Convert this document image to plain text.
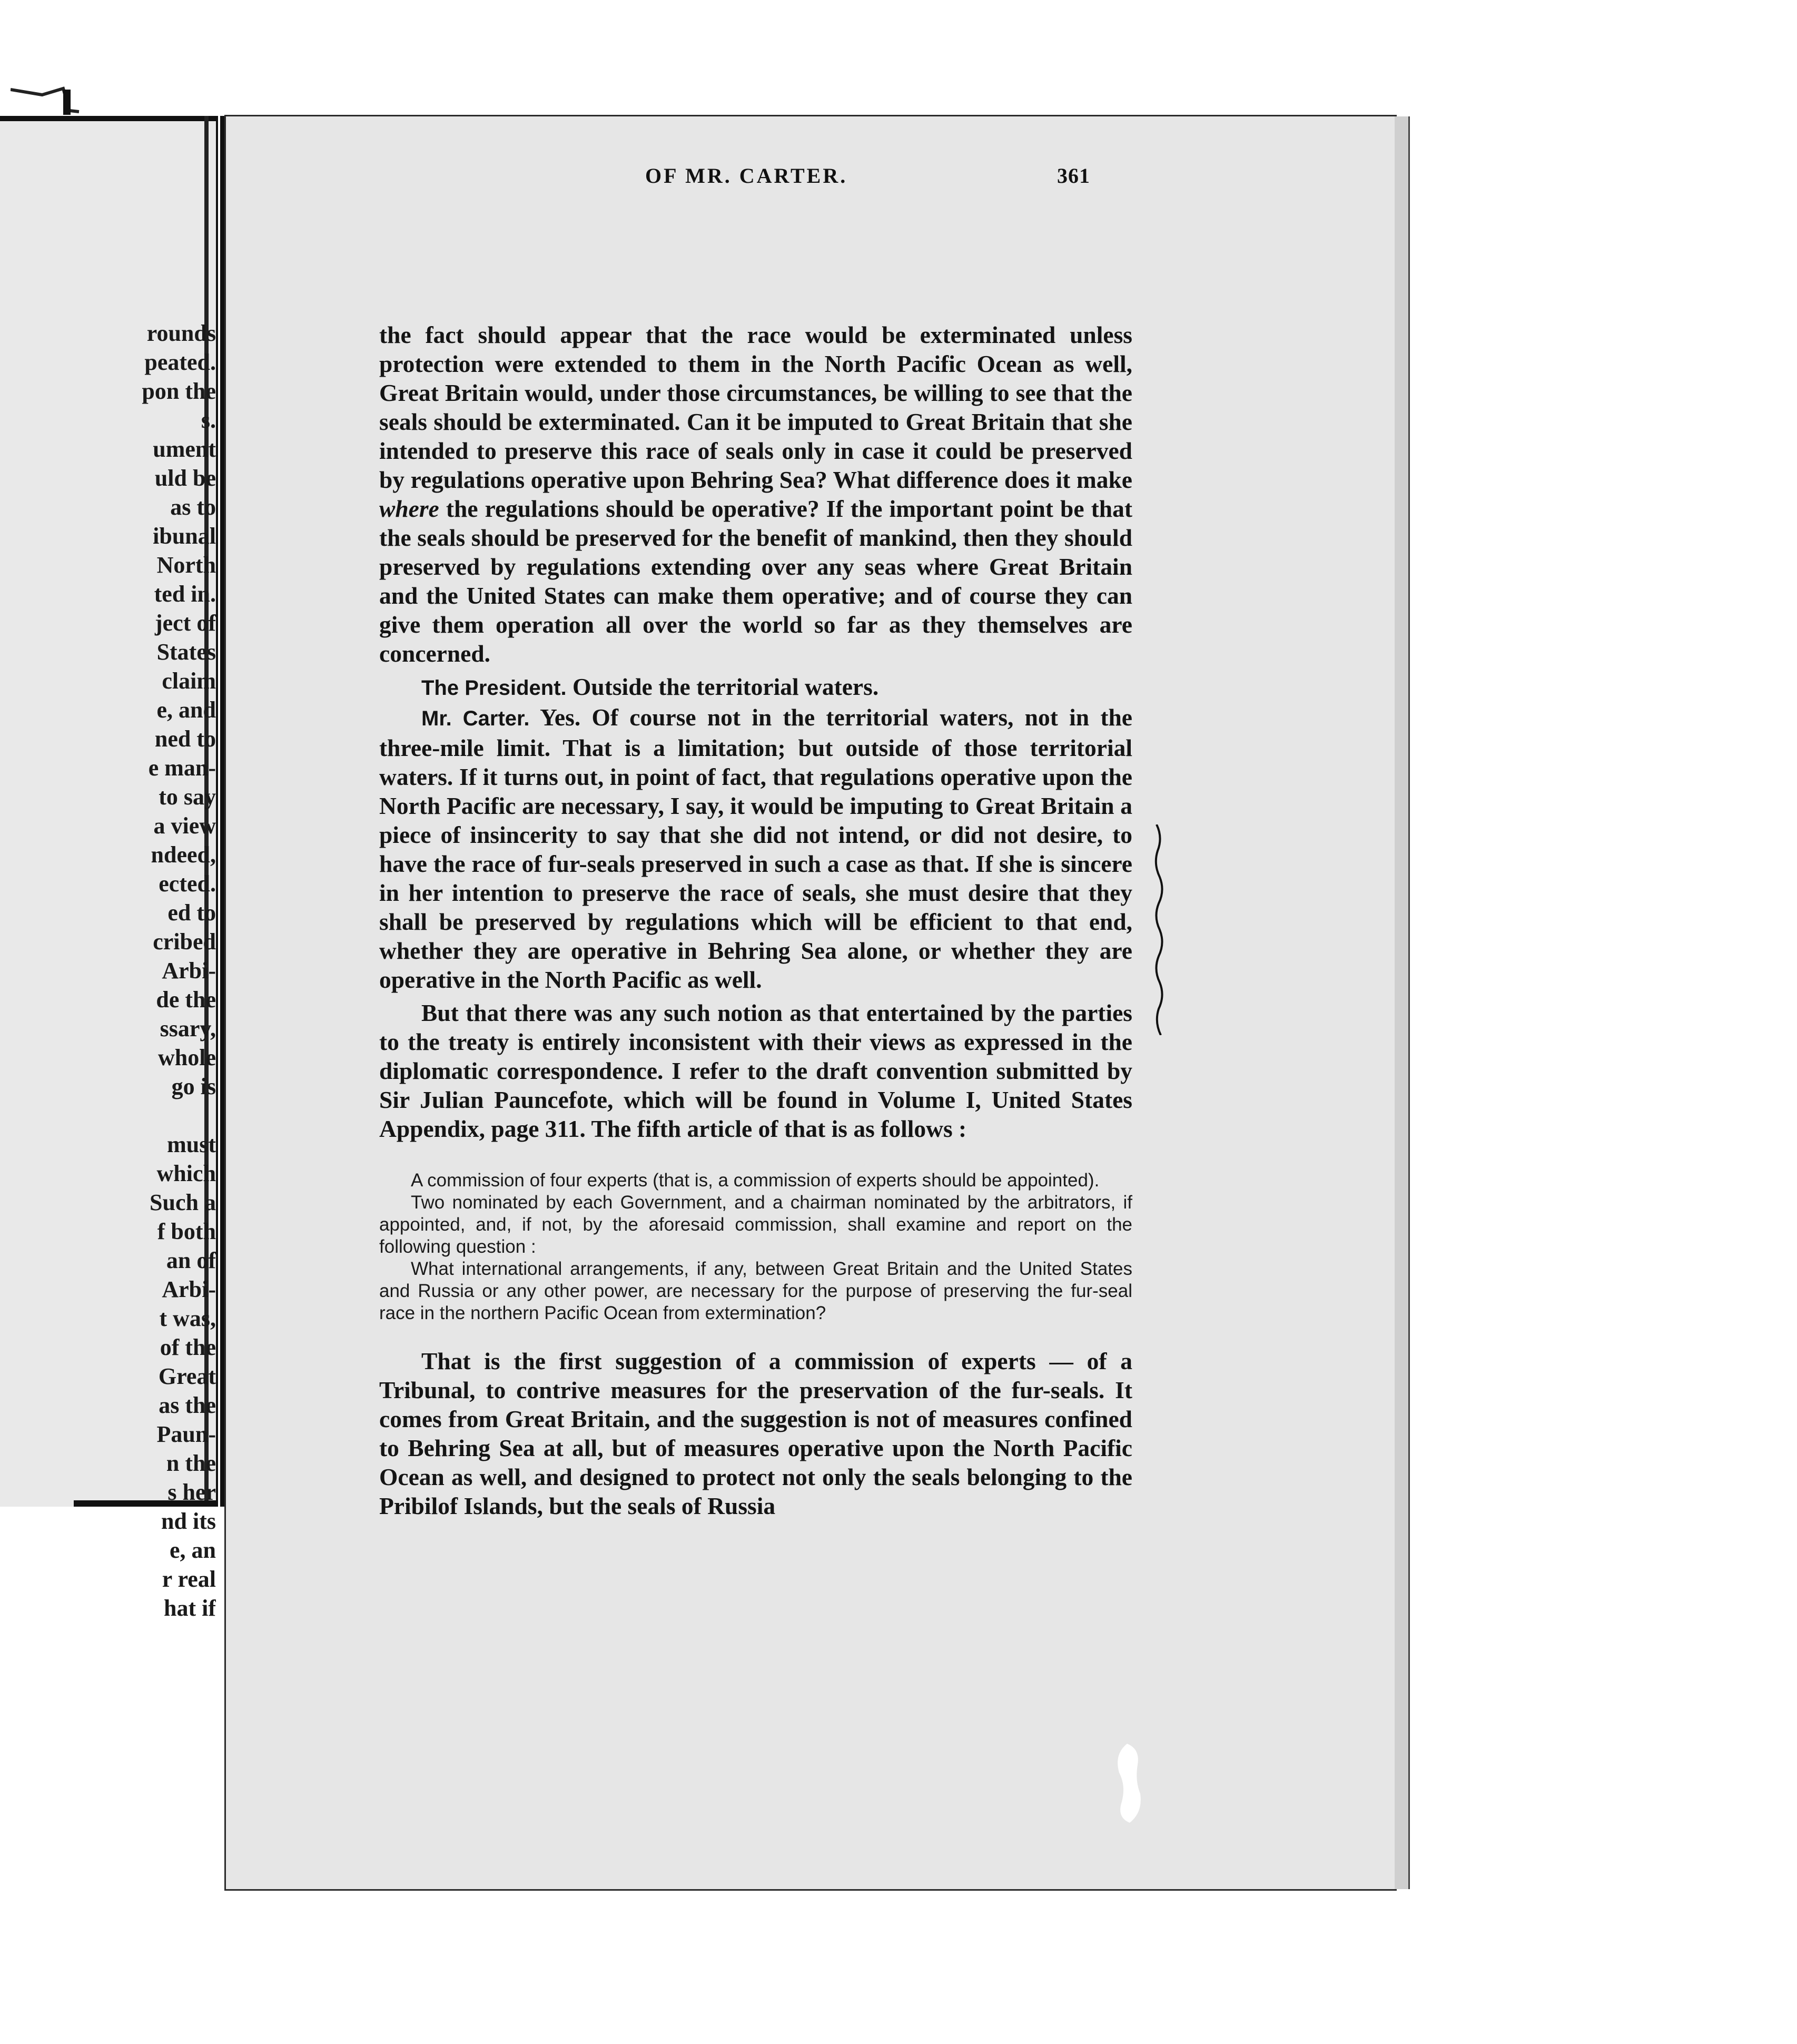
rounds
peated.
pon the
s.
ument
uld be
as to
ibunal
North
ted in.
ject of
States
claim
e, and
ned to
e man-
to say
a view
ndeed,
ected.
ed to
cribed
Arbi-
de the
ssary,
whole
go is
must
which
Such a
f both
an of
Arbi-
t was,
of the
Great
as the
Paun-
n the
s her
nd its
e, an
r real
hat if
OF MR. CARTER.	361

the fact should appear that the race would be exterminated unless protection were extended to them in the North Pacific Ocean as well, Great Britain would, under those circumstances, be willing to see that the seals should be exterminated. Can it be imputed to Great Britain that she intended to preserve this race of seals only in case it could be preserved by regulations operative upon Behring Sea? What difference does it make where the regulations should be operative? If the important point be that the seals should be preserved for the benefit of mankind, then they should preserved by regulations extending over any seas where Great Britain and the United States can make them operative; and of course they can give them operation all over the world so far as they themselves are concerned.

The President. Outside the territorial waters.

Mr. Carter. Yes. Of course not in the territorial waters, not in the three-mile limit. That is a limitation; but outside of those territorial waters. If it turns out, in point of fact, that regulations operative upon the North Pacific are necessary, I say, it would be imputing to Great Britain a piece of insincerity to say that she did not intend, or did not desire, to have the race of fur-seals preserved in such a case as that. If she is sincere in her intention to preserve the race of seals, she must desire that they shall be preserved by regulations which will be efficient to that end, whether they are operative in Behring Sea alone, or whether they are operative in the North Pacific as well.

But that there was any such notion as that entertained by the parties to the treaty is entirely inconsistent with their views as expressed in the diplomatic correspondence. I refer to the draft convention submitted by Sir Julian Pauncefote, which will be found in Volume I, United States Appendix, page 311. The fifth article of that is as follows :

A commission of four experts (that is, a commission of experts should be appointed).
Two nominated by each Government, and a chairman nominated by the arbitrators, if appointed, and, if not, by the aforesaid commission, shall examine and report on the following question :
What international arrangements, if any, between Great Britain and the United States and Russia or any other power, are necessary for the purpose of preserving the fur-seal race in the northern Pacific Ocean from extermination?

That is the first suggestion of a commission of experts — of a Tribunal, to contrive measures for the preservation of the fur-seals. It comes from Great Britain, and the suggestion is not of measures confined to Behring Sea at all, but of measures operative upon the North Pacific Ocean as well, and designed to protect not only the seals belonging to the Pribilof Islands, but the seals of Russia
